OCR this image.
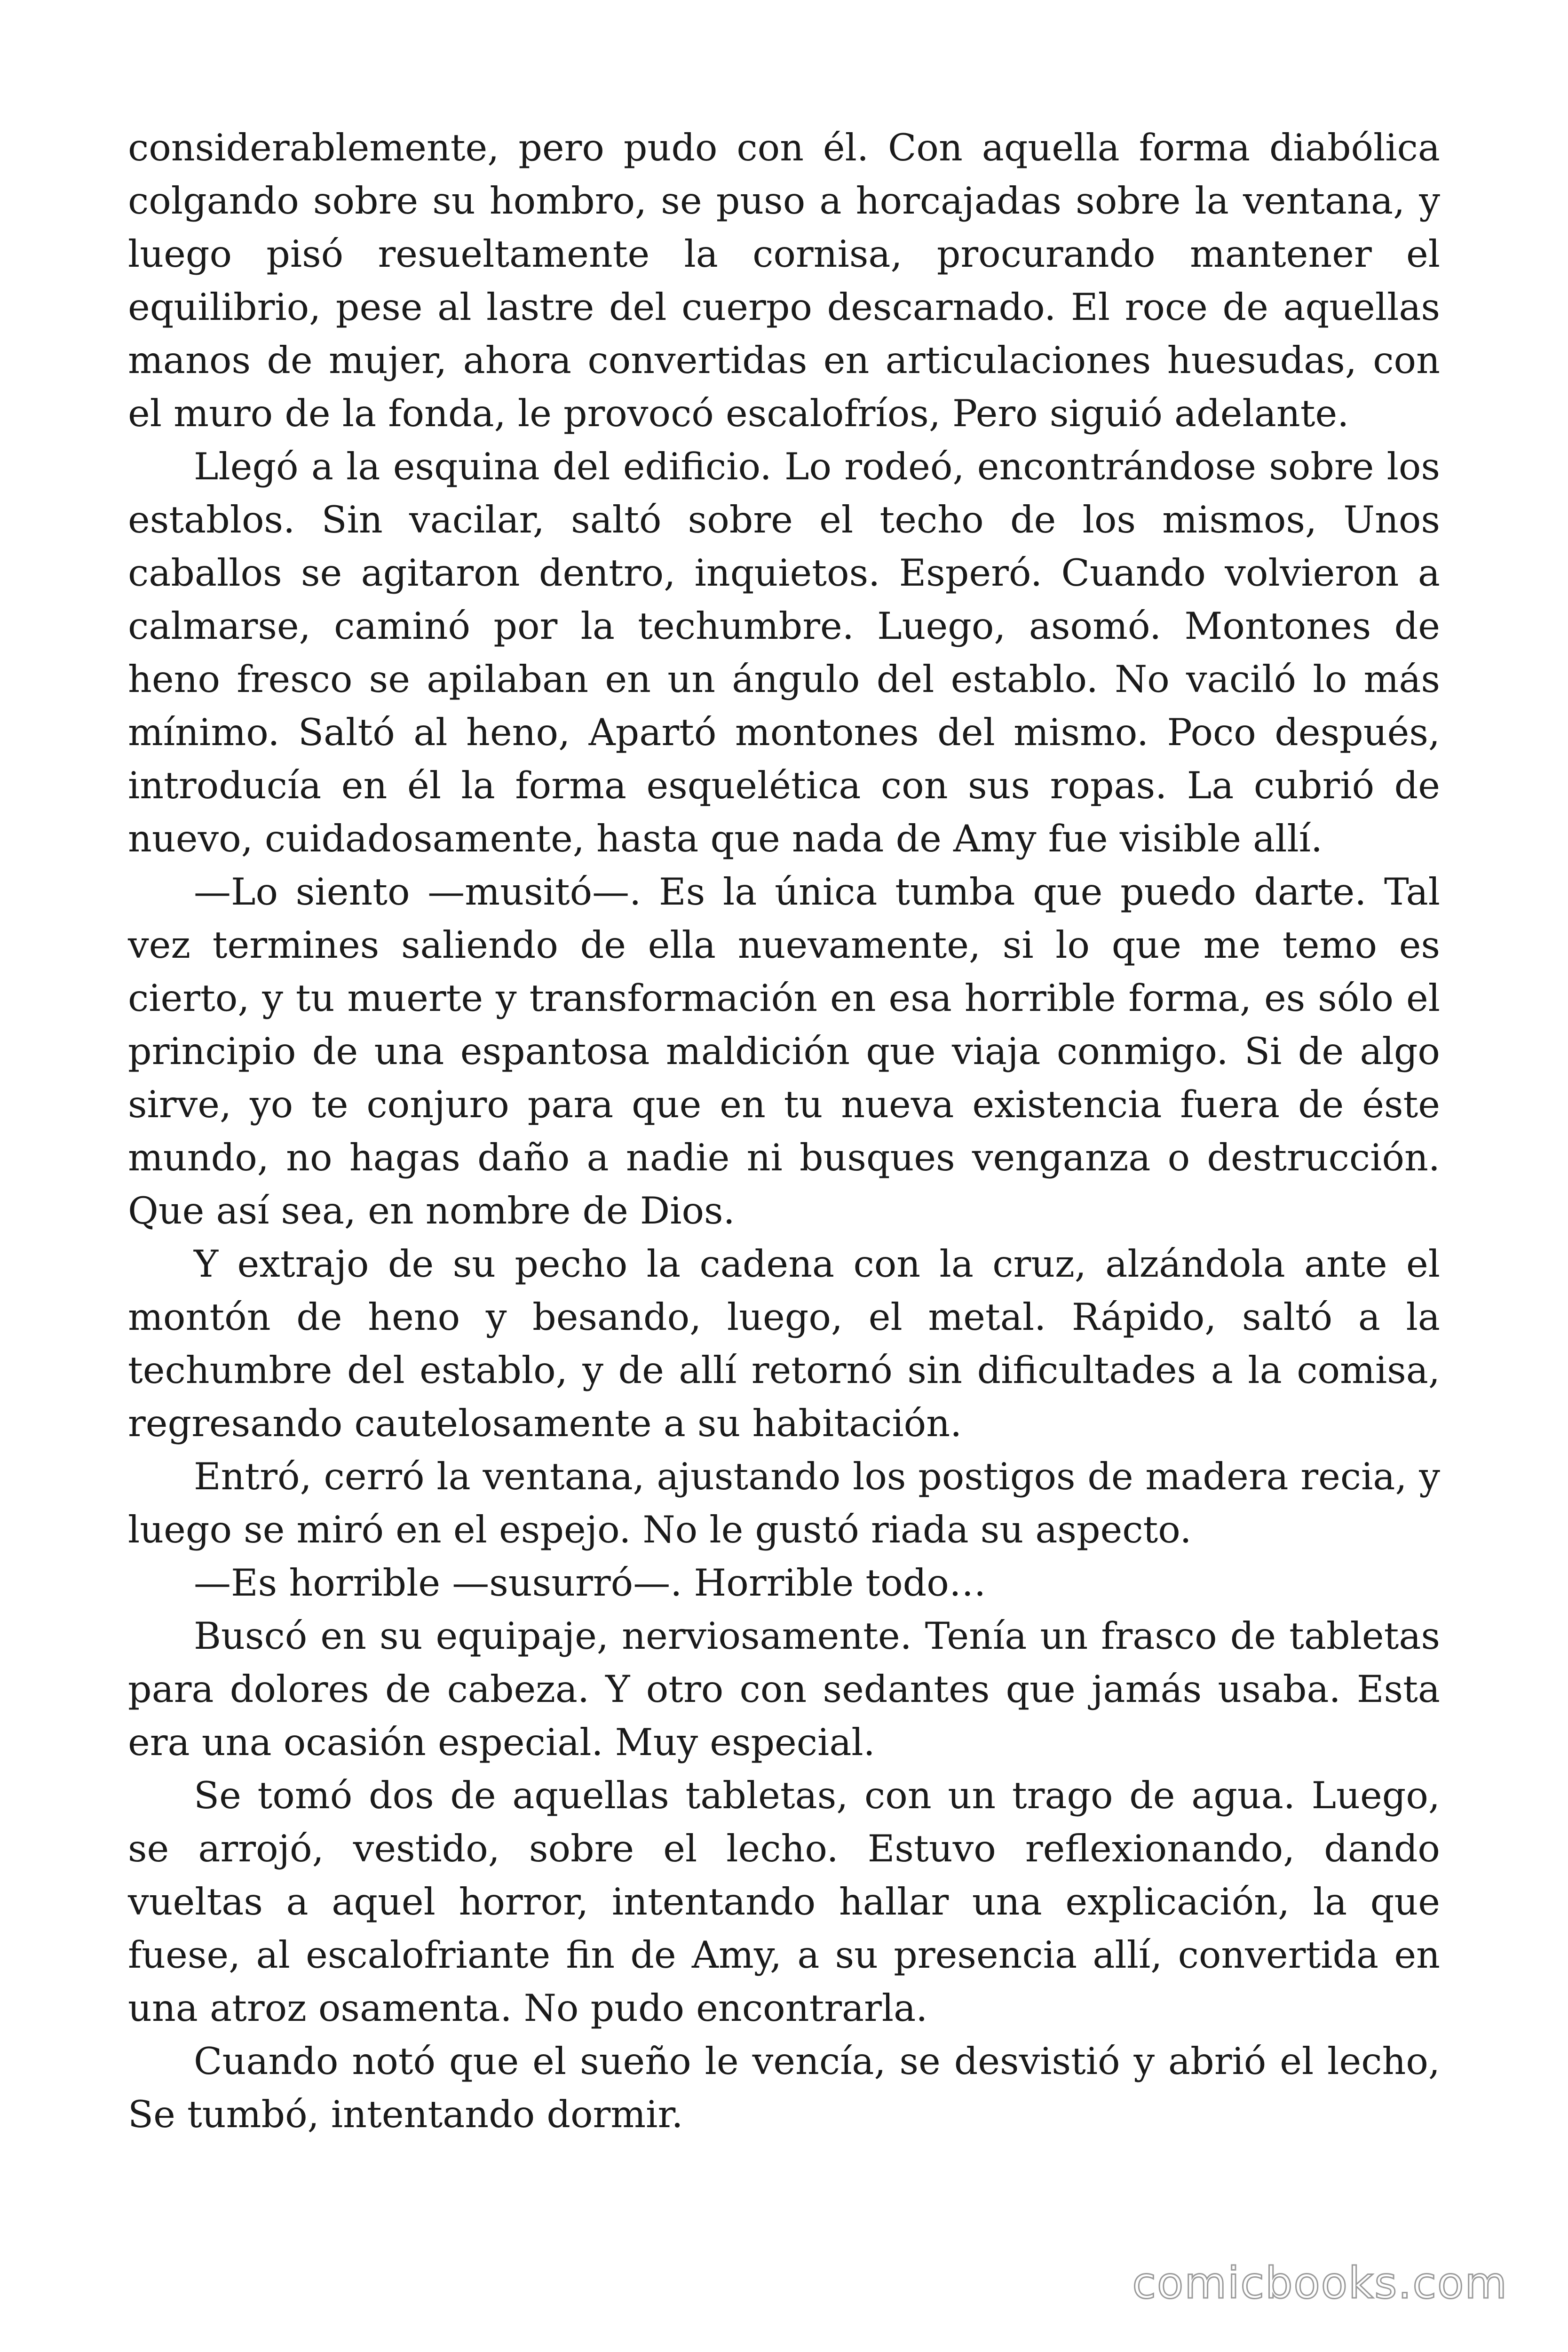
considerablemente, pero pudo con él. Con aquella forma diabólica colgando sobre su hombro, se puso a horcajadas sobre la ventana, y luego pisó resueltamente la cornisa, procurando mantener el equilibrio, pese al lastre del cuerpo descarnado. El roce de aquellas manos de mujer, ahora convertidas en articulaciones huesudas, con el muro de la fonda, le provocó escalofríos, Pero siguió adelante.

Llegó a la esquina del edificio. Lo rodeó, encontrándose sobre los establos. Sin vacilar, saltó sobre el techo de los mismos, Unos caballos se agitaron dentro, inquietos. Esperó. Cuando volvieron a calmarse, caminó por la techumbre. Luego, asomó. Montones de heno fresco se apilaban en un ángulo del establo. No vaciló lo más mínimo. Saltó al heno, Apartó montones del mismo. Poco después, introducía en él la forma esquelética con sus ropas. La cubrió de nuevo, cuidadosamente, hasta que nada de Amy fue visible allí.

—Lo siento —musitó—. Es la única tumba que puedo darte. Tal vez termines saliendo de ella nuevamente, si lo que me temo es cierto, y tu muerte y transformación en esa horrible forma, es sólo el principio de una espantosa maldición que viaja conmigo. Si de algo sirve, yo te conjuro para que en tu nueva existencia fuera de éste mundo, no hagas daño a nadie ni busques venganza o destrucción. Que así sea, en nombre de Dios.

Y extrajo de su pecho la cadena con la cruz, alzándola ante el montón de heno y besando, luego, el metal. Rápido, saltó a la techumbre del establo, y de allí retornó sin dificultades a la comisa, regresando cautelosamente a su habitación.

Entró, cerró la ventana, ajustando los postigos de madera recia, y luego se miró en el espejo. No le gustó riada su aspecto.

—Es horrible —susurró—. Horrible todo…

Buscó en su equipaje, nerviosamente. Tenía un frasco de tabletas para dolores de cabeza. Y otro con sedantes que jamás usaba. Esta era una ocasión especial. Muy especial.

Se tomó dos de aquellas tabletas, con un trago de agua. Luego, se arrojó, vestido, sobre el lecho. Estuvo reflexionando, dando vueltas a aquel horror, intentando hallar una explicación, la que fuese, al escalofriante fin de Amy, a su presencia allí, convertida en una atroz osamenta. No pudo encontrarla.

Cuando notó que el sueño le vencía, se desvistió y abrió el lecho, Se tumbó, intentando dormir.

comicbooks.com
